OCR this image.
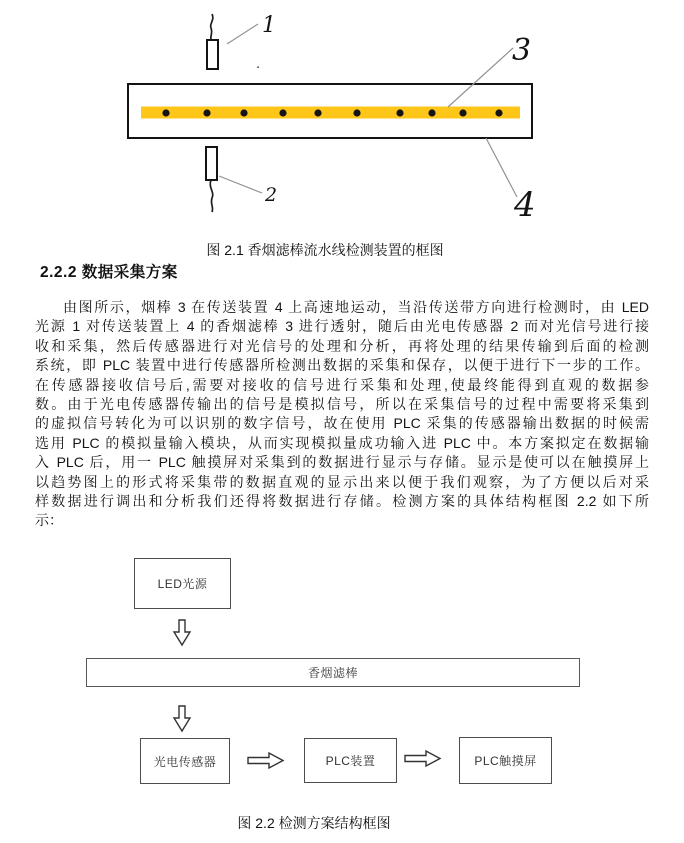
1
.	3
4
2
图 2.1 香烟滤棒流水线检测装置的框图
2.2.2 数据采集方案
由图所示，烟棒 3 在传送装置 4 上高速地运动，当沿传送带方向进行检测时，由 LED
光源 1 对传送装置上 4 的香烟滤棒 3 进行透射，随后由光电传感器 2 而对光信号进行接
收和采集，然后传感器进行对光信号的处理和分析，再将处理的结果传输到后面的检测
系统，即 PLC 装置中进行传感器所检测出数据的采集和保存，以便于进行下一步的工作。
在传感器接收信号后,需要对接收的信号进行采集和处理,使最终能得到直观的数据参
数。由于光电传感器传输出的信号是模拟信号，所以在采集信号的过程中需要将采集到
的虚拟信号转化为可以识别的数字信号，故在使用 PLC 采集的传感器输出数据的时候需
选用 PLC 的模拟量输入模块，从而实现模拟量成功输入进 PLC 中。本方案拟定在数据输
入 PLC 后，用一 PLC 触摸屏对采集到的数据进行显示与存储。显示是使可以在触摸屏上
以趋势图上的形式将采集带的数据直观的显示出来以便于我们观察，为了方便以后对采
样数据进行调出和分析我们还得将数据进行存储。检测方案的具体结构框图 2.2 如下所
示：
LED光源
香烟滤棒
光电传感器	PLC装置	PLC触摸屏
图 2.2 检测方案结构框图
